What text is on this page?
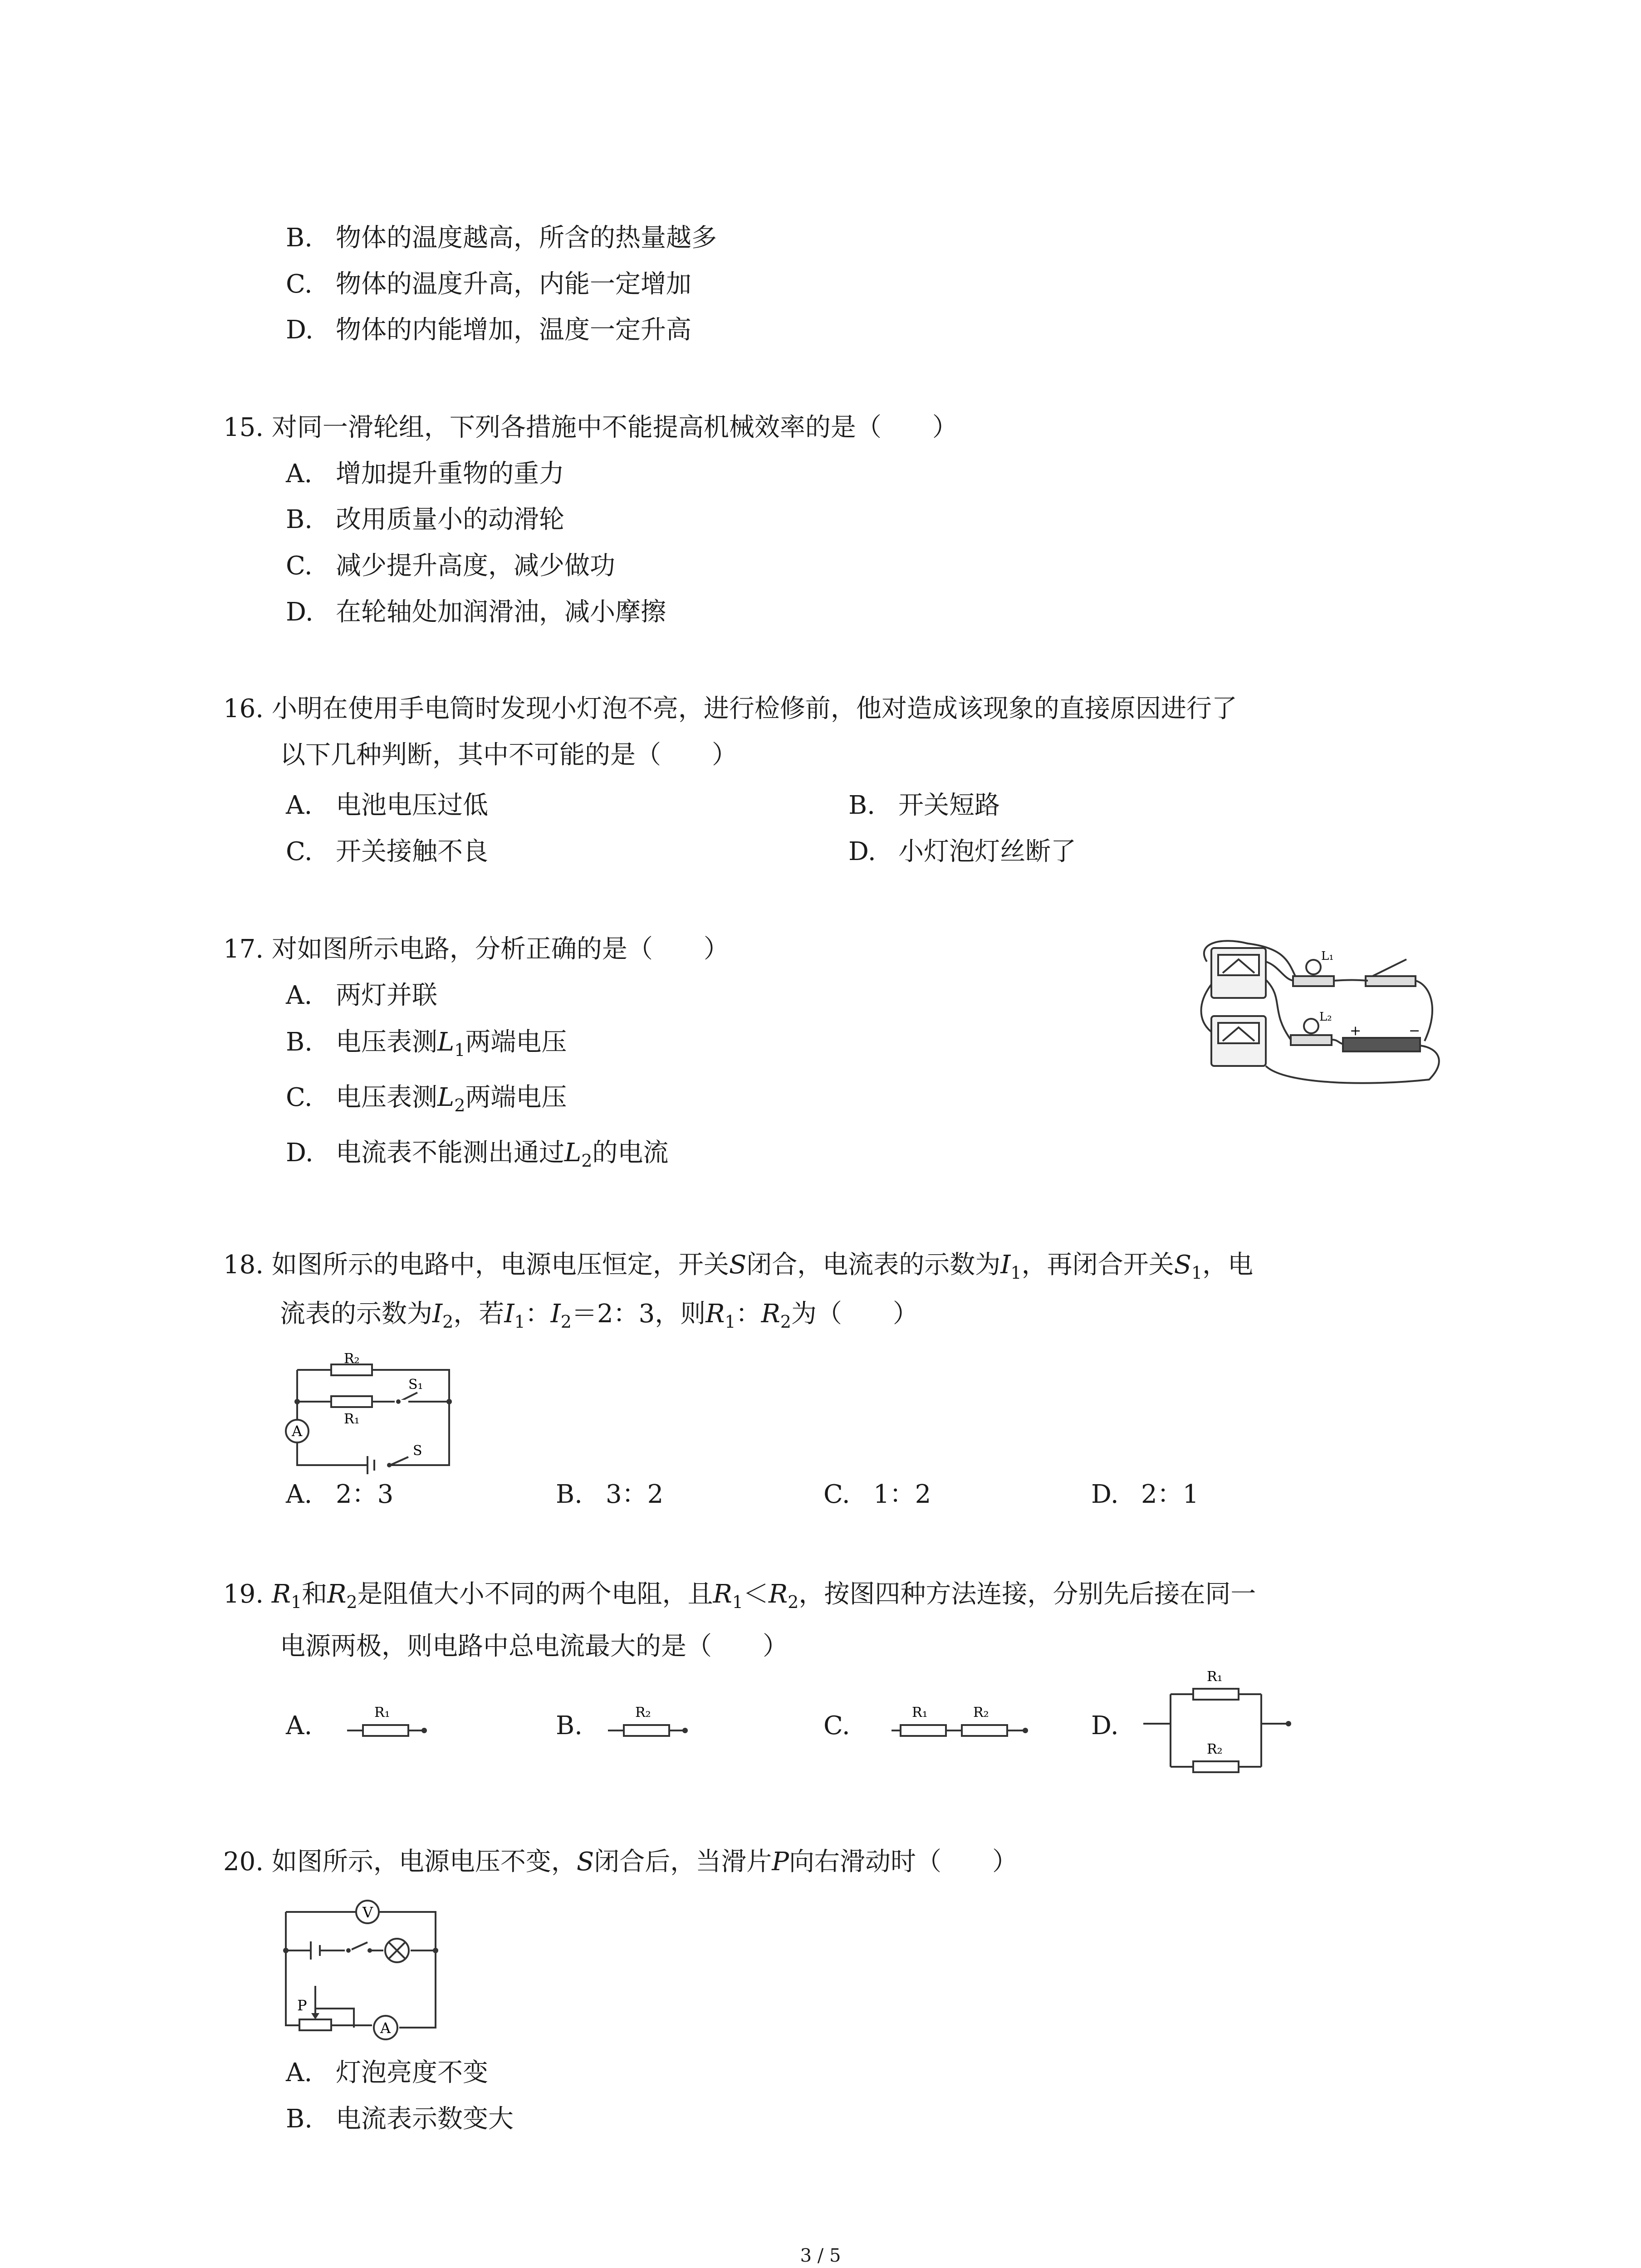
B. 物体的温度越高，所含的热量越多
C. 物体的温度升高，内能一定增加
D. 物体的内能增加，温度一定升高
15. 对同一滑轮组，下列各措施中不能提高机械效率的是（　　）
A. 增加提升重物的重力
B. 改用质量小的动滑轮
C. 减少提升高度，减少做功
D. 在轮轴处加润滑油，减小摩擦
16. 小明在使用手电筒时发现小灯泡不亮，进行检修前，他对造成该现象的直接原因进行了
以下几种判断，其中不可能的是（　　）
A. 电池电压过低	B. 开关短路
C. 开关接触不良	D. 小灯泡灯丝断了
17. 对如图所示电路，分析正确的是（　　）
A. 两灯并联
B. 电压表测$L_1$两端电压
C. 电压表测$L_2$两端电压
D. 电流表不能测出通过$L_2$的电流
L₁
L₂
+	−
18. 如图所示的电路中，电源电压恒定，开关S闭合，电流表的示数为$I_1$，再闭合开关$S_1$，电
流表的示数为$I_2$，若$I_1$：$I_2=2$：3，则$R_1$：$R_2$为（　　）
R₂
R₁
S₁
S
A
A. 2：3	B. 3：2	C. 1：2	D. 2：1
19. $R_1$和$R_2$是阻值大小不同的两个电阻，且$R_1<R_2$，按图四种方法连接，分别先后接在同一
电源两极，则电路中总电流最大的是（　　）
A.	R₁	B.	R₂	C.	R₁	R₂	D.
R₁
R₂
20. 如图所示，电源电压不变，S闭合后，当滑片P向右滑动时（　　）
V
A
P
A. 灯泡亮度不变
B. 电流表示数变大
3 / 5
